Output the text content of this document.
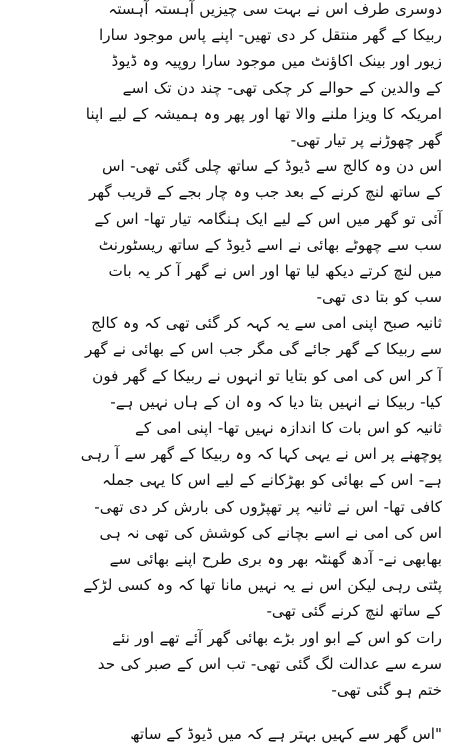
دوسری طرف اس نے بہت سی چیزیں آہستہ آہستہ
ربیکا کے گھر منتقل کر دی تھیں- اپنے پاس موجود سارا
زیور اور بینک اکاؤنٹ میں موجود سارا روپیہ وہ ڈیوڈ
کے والدین کے حوالے کر چکی تھی- چند دن تک اسے
امریکہ کا ویزا ملنے والا تھا اور پھر وہ ہمیشہ کے لیے اپنا
گھر چھوڑنے پر تیار تھی-
اس دن وہ کالج سے ڈیوڈ کے ساتھ چلی گئی تھی- اس
کے ساتھ لنچ کرنے کے بعد جب وہ چار بجے کے قریب گھر
آئی تو گھر میں اس کے لیے ایک ہنگامہ تیار تھا- اس کے
سب سے چھوٹے بھائی نے اسے ڈیوڈ کے ساتھ ریسٹورنٹ
میں لنچ کرتے دیکھ لیا تھا اور اس نے گھر آ کر یہ بات
سب کو بتا دی تھی-
ثانیہ صبح اپنی امی سے یہ کہہ کر گئی تھی کہ وہ کالج
سے ربیکا کے گھر جائے گی مگر جب اس کے بھائی نے گھر
آ کر اس کی امی کو بتایا تو انہوں نے ربیکا کے گھر فون
کیا- ربیکا نے انہیں بتا دیا کہ وہ ان کے ہاں نہیں ہے-
ثانیہ کو اس بات کا اندازہ نہیں تھا- اپنی امی کے
پوچھنے پر اس نے یہی کہا کہ وہ ربیکا کے گھر سے آ رہی
ہے- اس کے بھائی کو بھڑکانے کے لیے اس کا یہی جملہ
کافی تھا- اس نے ثانیہ پر تھپڑوں کی بارش کر دی تھی-
اس کی امی نے اسے بچانے کی کوشش کی تھی نہ ہی
بھابھی نے- آدھ گھنٹہ بھر وہ بری طرح اپنے بھائی سے
پٹتی رہی لیکن اس نے یہ نہیں مانا تھا کہ وہ کسی لڑکے
کے ساتھ لنچ کرنے گئی تھی-
رات کو اس کے ابو اور بڑے بھائی گھر آئے تھے اور نئے
سرے سے عدالت لگ گئی تھی- تب اس کے صبر کی حد
ختم ہو گئی تھی-
"اس گھر سے کہیں بہتر ہے کہ میں ڈیوڈ کے ساتھ
